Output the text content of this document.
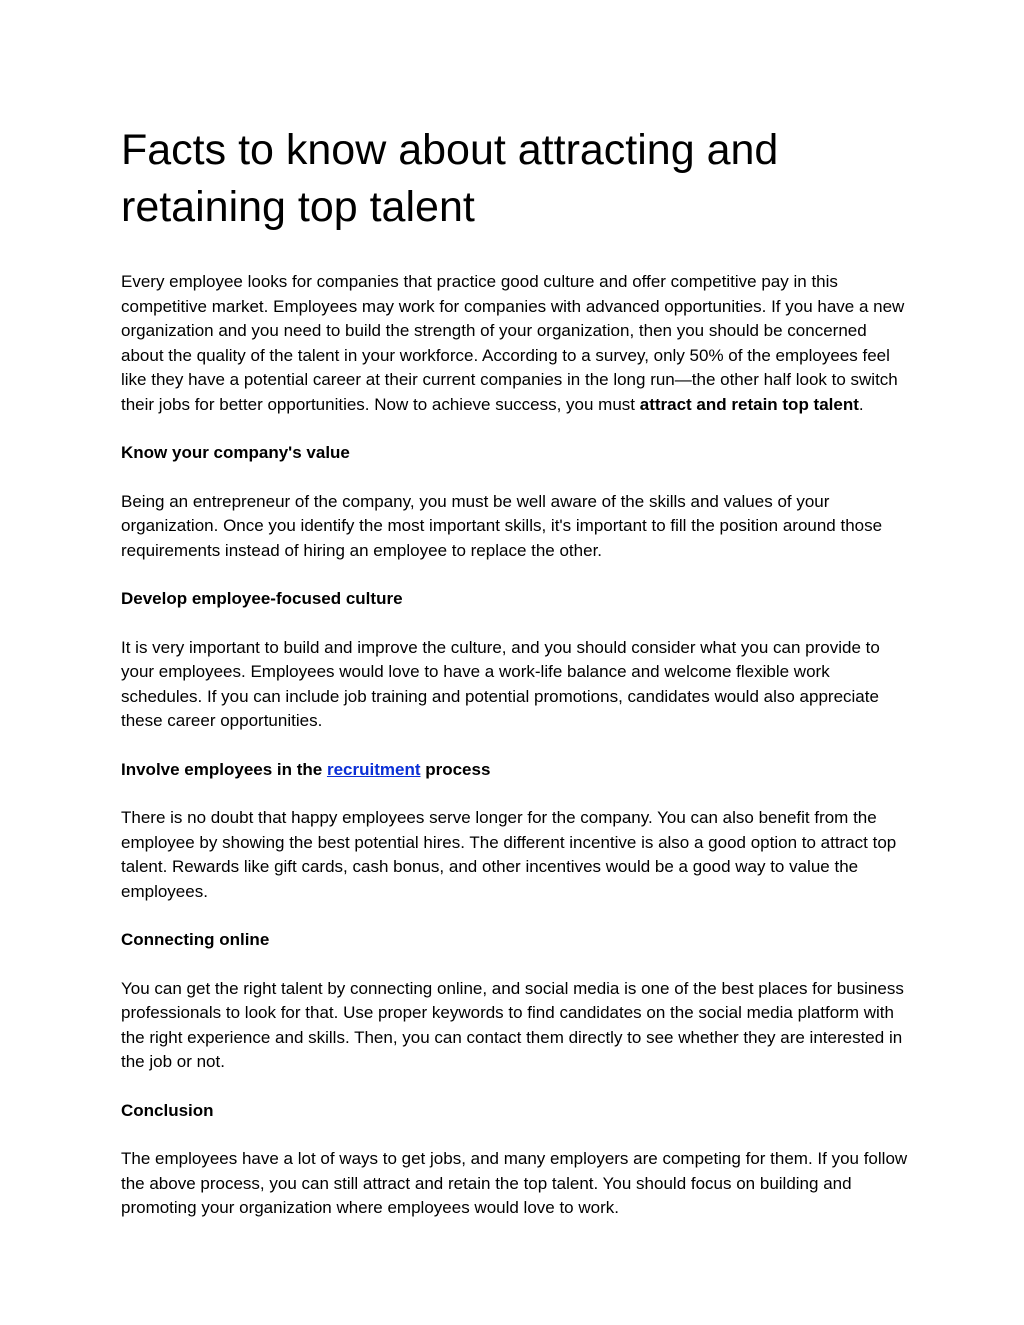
Facts to know about attracting and retaining top talent

Every employee looks for companies that practice good culture and offer competitive pay in this competitive market. Employees may work for companies with advanced opportunities. If you have a new organization and you need to build the strength of your organization, then you should be concerned about the quality of the talent in your workforce. According to a survey, only 50% of the employees feel like they have a potential career at their current companies in the long run—the other half look to switch their jobs for better opportunities. Now to achieve success, you must attract and retain top talent.

Know your company's value

Being an entrepreneur of the company, you must be well aware of the skills and values of your organization. Once you identify the most important skills, it's important to fill the position around those requirements instead of hiring an employee to replace the other.

Develop employee-focused culture

It is very important to build and improve the culture, and you should consider what you can provide to your employees. Employees would love to have a work-life balance and welcome flexible work schedules. If you can include job training and potential promotions, candidates would also appreciate these career opportunities.

Involve employees in the recruitment process

There is no doubt that happy employees serve longer for the company. You can also benefit from the employee by showing the best potential hires. The different incentive is also a good option to attract top talent. Rewards like gift cards, cash bonus, and other incentives would be a good way to value the employees.

Connecting online

You can get the right talent by connecting online, and social media is one of the best places for business professionals to look for that. Use proper keywords to find candidates on the social media platform with the right experience and skills. Then, you can contact them directly to see whether they are interested in the job or not.

Conclusion

The employees have a lot of ways to get jobs, and many employers are competing for them. If you follow the above process, you can still attract and retain the top talent. You should focus on building and promoting your organization where employees would love to work.
